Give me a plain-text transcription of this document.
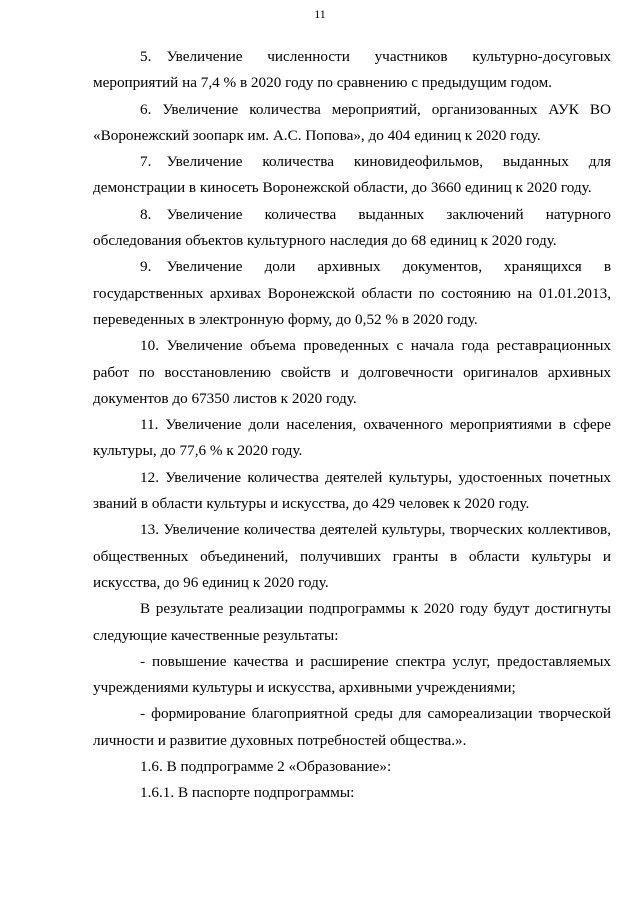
11

5. Увеличение численности участников культурно-досуговых мероприятий на 7,4 % в 2020 году по сравнению с предыдущим годом.

6. Увеличение количества мероприятий, организованных АУК ВО «Воронежский зоопарк им. А.С. Попова», до 404 единиц к 2020 году.

7. Увеличение количества киновидеофильмов, выданных для демонстрации в киносеть Воронежской области, до 3660 единиц к 2020 году.

8. Увеличение количества выданных заключений натурного обследования объектов культурного наследия до 68 единиц к 2020 году.

9. Увеличение доли архивных документов, хранящихся в государственных архивах Воронежской области по состоянию на 01.01.2013, переведенных в электронную форму, до 0,52 % в 2020 году.

10. Увеличение объема проведенных с начала года реставрационных работ по восстановлению свойств и долговечности оригиналов архивных документов до 67350 листов к 2020 году.

11. Увеличение доли населения, охваченного мероприятиями в сфере культуры, до 77,6 % к 2020 году.

12. Увеличение количества деятелей культуры, удостоенных почетных званий в области культуры и искусства, до 429 человек к 2020 году.

13. Увеличение количества деятелей культуры, творческих коллективов, общественных объединений, получивших гранты в области культуры и искусства, до 96 единиц к 2020 году.

В результате реализации подпрограммы к 2020 году будут достигнуты следующие качественные результаты:

- повышение качества и расширение спектра услуг, предоставляемых учреждениями культуры и искусства, архивными учреждениями;

- формирование благоприятной среды для самореализации творческой личности и развитие духовных потребностей общества.».

1.6. В подпрограмме 2 «Образование»:

1.6.1. В паспорте подпрограммы:
